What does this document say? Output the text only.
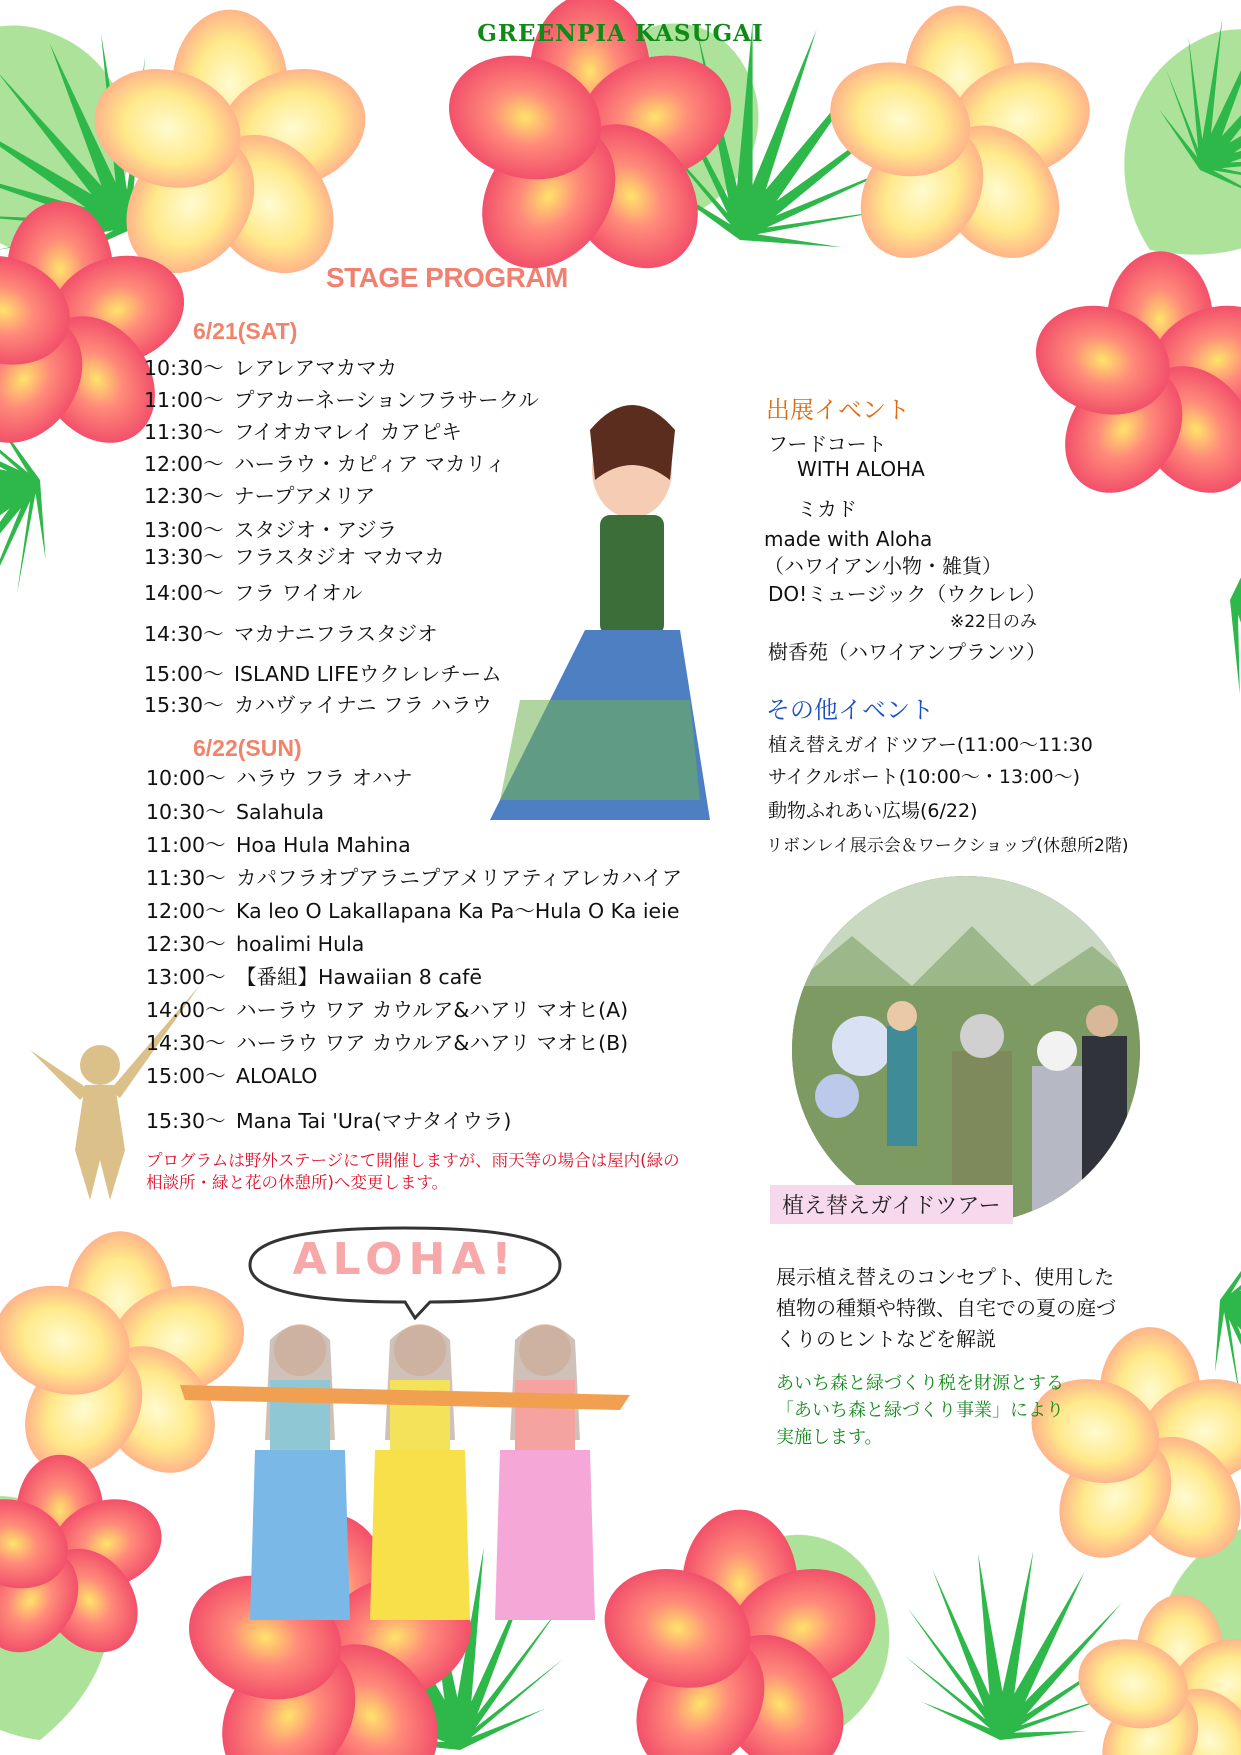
ALOHA!
GREENPIA KASUGAI
STAGE PROGRAM
6/21(SAT)
10:30～ レアレアマカマカ
11:00～ プアカーネーションフラサークル
11:30～ フイオカマレイ カアピキ
12:00～ ハーラウ・カピィア マカリィ
12:30～ ナープアメリア
13:00～ スタジオ・アジラ
13:30～ フラスタジオ マカマカ
14:00～ フラ ワイオル
14:30～ マカナニフラスタジオ
15:00～ ISLAND LIFEウクレレチーム
15:30～ カハヴァイナニ フラ ハラウ
6/22(SUN)
10:00～ ハラウ フラ オハナ
10:30～ Salahula
11:00～ Hoa Hula Mahina
11:30～ カパフラオプアラニプアメリアティアレカハイア
12:00～ Ka leo O LakaIlapana Ka Pa～Hula O Ka ieie
12:30～ hoalimi Hula
13:00～ 【番組】Hawaiian 8 cafē
14:00～ ハーラウ ワア カウルア&ハアリ マオヒ(A)
14:30～ ハーラウ ワア カウルア&ハアリ マオヒ(B)
15:00～ ALOALO
15:30～ Mana Tai 'Ura(マナタイウラ)
プログラムは野外ステージにて開催しますが、雨天等の場合は屋内(緑の
相談所・緑と花の休憩所)へ変更します。
出展イベント
フードコート
WITH ALOHA
ミカド
made with Aloha
（ハワイアン小物・雑貨）
DO!ミュージック（ウクレレ）
※22日のみ
樹香苑（ハワイアンプランツ）
その他イベント
植え替えガイドツアー(11:00～11:30
サイクルボート(10:00～・13:00～)
動物ふれあい広場(6/22)
リボンレイ展示会＆ワークショップ(休憩所2階)
植え替えガイドツアー
展示植え替えのコンセプト、使用した
植物の種類や特徴、自宅での夏の庭づ
くりのヒントなどを解説
あいち森と緑づくり税を財源とする
「あいち森と緑づくり事業」により
実施します。
